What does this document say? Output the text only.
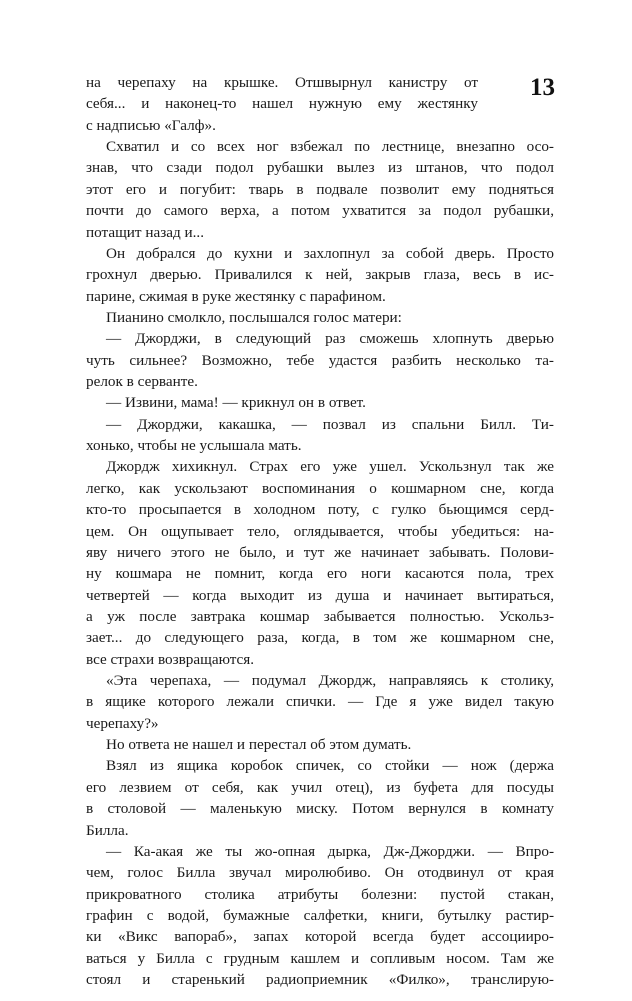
13
на черепаху на крышке. Отшвырнул канистру от
себя... и наконец-то нашел нужную ему жестянку
с надписью «Галф».
Схватил и со всех ног взбежал по лестнице, внезапно осо-
знав, что сзади подол рубашки вылез из штанов, что подол
этот его и погубит: тварь в подвале позволит ему подняться
почти до самого верха, а потом ухватится за подол рубашки,
потащит назад и...
Он добрался до кухни и захлопнул за собой дверь. Просто
грохнул дверью. Привалился к ней, закрыв глаза, весь в ис-
парине, сжимая в руке жестянку с парафином.
Пианино смолкло, послышался голос матери:
— Джорджи, в следующий раз сможешь хлопнуть дверью
чуть сильнее? Возможно, тебе удастся разбить несколько та-
релок в серванте.
— Извини, мама! — крикнул он в ответ.
— Джорджи, какашка, — позвал из спальни Билл. Ти-
хонько, чтобы не услышала мать.
Джордж хихикнул. Страх его уже ушел. Ускользнул так же
легко, как ускользают воспоминания о кошмарном сне, когда
кто-то просыпается в холодном поту, с гулко бьющимся серд-
цем. Он ощупывает тело, оглядывается, чтобы убедиться: на-
яву ничего этого не было, и тут же начинает забывать. Полови-
ну кошмара не помнит, когда его ноги касаются пола, трех
четвертей — когда выходит из душа и начинает вытираться,
а уж после завтрака кошмар забывается полностью. Ускольз-
зает... до следующего раза, когда, в том же кошмарном сне,
все страхи возвращаются.
«Эта черепаха, — подумал Джордж, направляясь к столику,
в ящике которого лежали спички. — Где я уже видел такую
черепаху?»
Но ответа не нашел и перестал об этом думать.
Взял из ящика коробок спичек, со стойки — нож (держа
его лезвием от себя, как учил отец), из буфета для посуды
в столовой — маленькую миску. Потом вернулся в комнату
Билла.
— Ка-акая же ты жо-опная дырка, Дж-Джорджи. — Впро-
чем, голос Билла звучал миролюбиво. Он отодвинул от края
прикроватного столика атрибуты болезни: пустой стакан,
графин с водой, бумажные салфетки, книги, бутылку растир-
ки «Викс вапораб», запах которой всегда будет ассоцииро-
ваться у Билла с грудным кашлем и сопливым носом. Там же
стоял и старенький радиоприемник «Филко», транслирую-
